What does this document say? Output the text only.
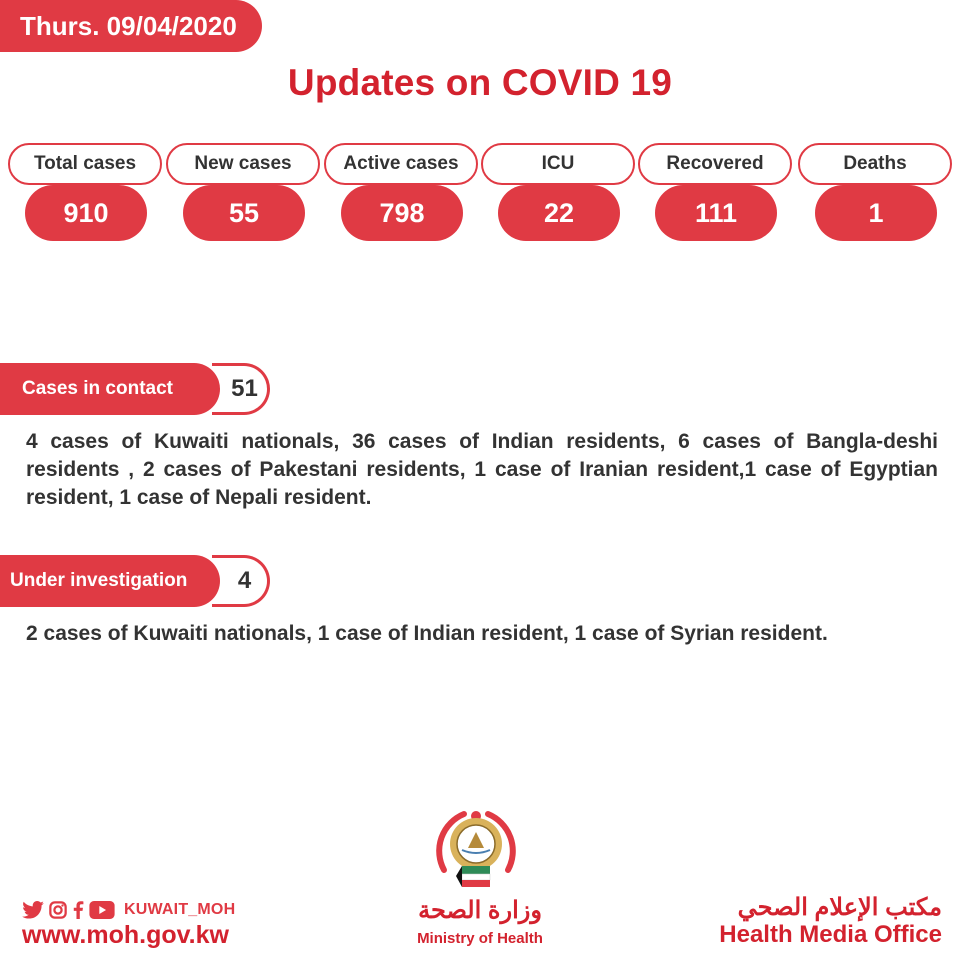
Thurs. 09/04/2020
Updates on COVID 19
Total cases
910
New cases
55
Active cases
798
ICU
22
Recovered
111
Deaths
1
51
Cases in contact
4 cases of Kuwaiti nationals, 36 cases of Indian residents, 6 cases of Bangla-deshi residents , 2 cases of Pakestani residents, 1 case of Iranian resident,1 case of Egyptian resident, 1 case of Nepali resident.
4
Under investigation
2 cases of Kuwaiti nationals, 1 case of Indian resident, 1 case of Syrian resident.
KUWAIT_MOH
www.moh.gov.kw
وزارة الصحة
Ministry of Health
مكتب الإعلام الصحي
Health Media Office
